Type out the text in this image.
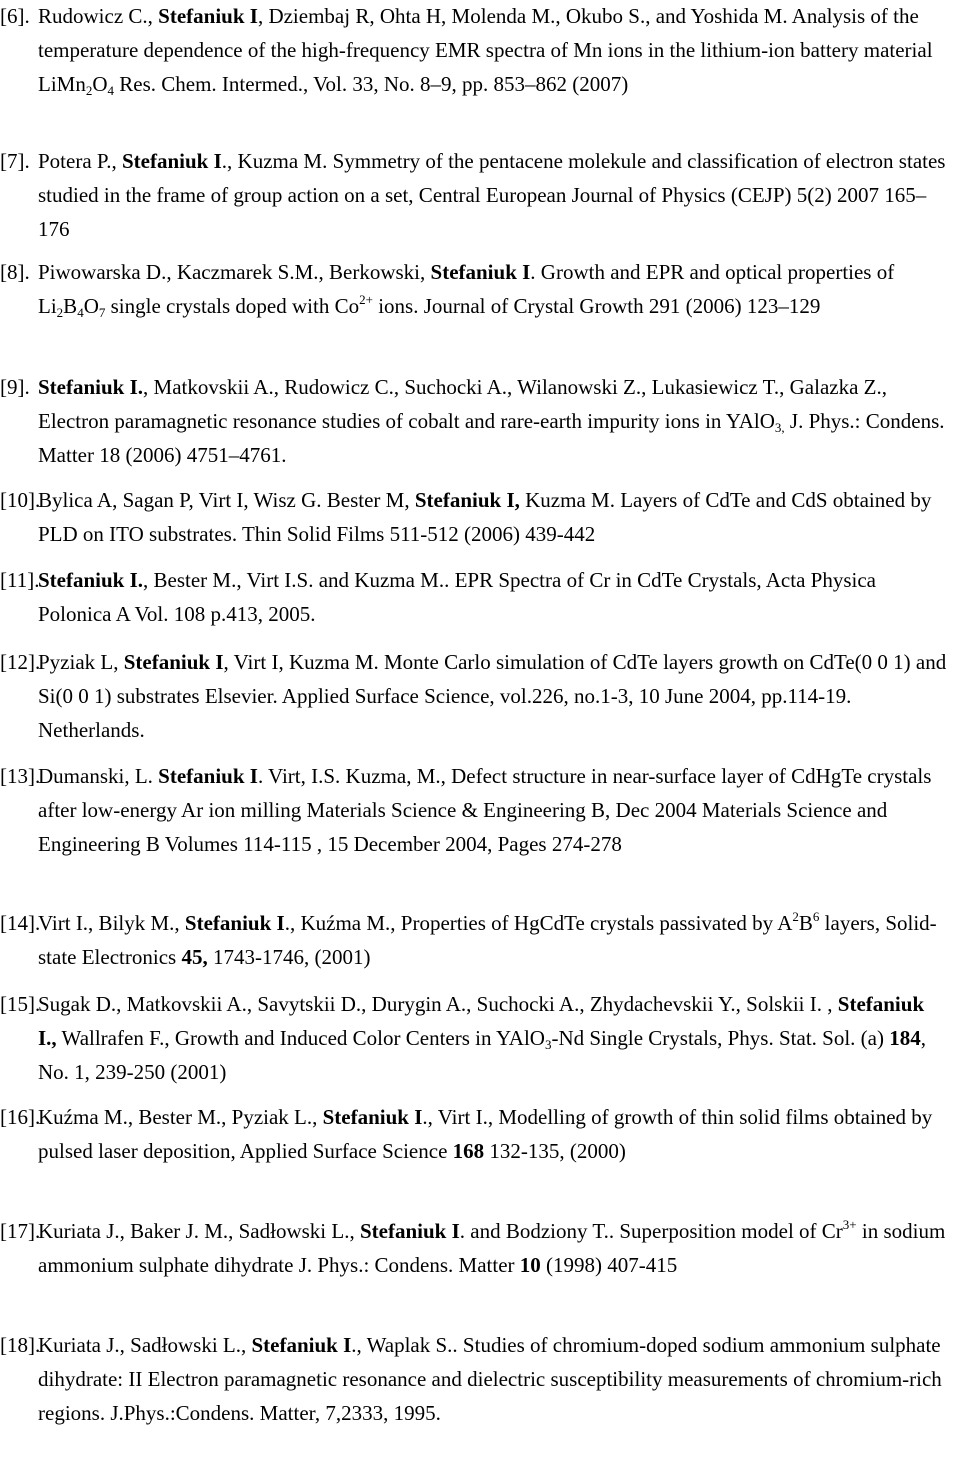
[6]. Rudowicz C., Stefaniuk I, Dziembaj R, Ohta H, Molenda M., Okubo S., and Yoshida M. Analysis of the temperature dependence of the high-frequency EMR spectra of Mn ions in the lithium-ion battery material $LiMn_2O_4$ Res. Chem. Intermed., Vol. 33, No. 8–9, pp. 853–862 (2007)
[7]. Potera P., Stefaniuk I., Kuzma M. Symmetry of the pentacene molekule and classification of electron states studied in the frame of group action on a set, Central European Journal of Physics (CEJP) 5(2) 2007 165–176
[8]. Piwowarska D., Kaczmarek S.M., Berkowski, Stefaniuk I. Growth and EPR and optical properties of $Li_2B_4O_7$ single crystals doped with $Co^{2+}$ ions. Journal of Crystal Growth 291 (2006) 123–129
[9]. Stefaniuk I., Matkovskii A., Rudowicz C., Suchocki A., Wilanowski Z., Lukasiewicz T., Galazka Z., Electron paramagnetic resonance studies of cobalt and rare-earth impurity ions in YAlO$_{3,}$ J. Phys.: Condens. Matter 18 (2006) 4751–4761.
[10].
Bylica A, Sagan P, Virt I, Wisz G. Bester M, Stefaniuk I, Kuzma M. Layers of CdTe and CdS obtained by PLD on ITO substrates. Thin Solid Films 511-512 (2006) 439-442
[11].
Stefaniuk I., Bester M., Virt I.S. and Kuzma M.. EPR Spectra of Cr in CdTe Crystals, Acta Physica Polonica A Vol. 108 p.413, 2005.
[12].
Pyziak L, Stefaniuk I, Virt I, Kuzma M. Monte Carlo simulation of CdTe layers growth on CdTe(0 0 1) and Si(0 0 1) substrates Elsevier. Applied Surface Science, vol.226, no.1-3, 10 June 2004, pp.114-19. Netherlands.
[13].
Dumanski, L. Stefaniuk I. Virt, I.S. Kuzma, M., Defect structure in near-surface layer of CdHgTe crystals after low-energy Ar ion milling Materials Science & Engineering B, Dec 2004 Materials Science and Engineering B Volumes 114-115 , 15 December 2004, Pages 274-278
[14].
Virt I., Bilyk M., Stefaniuk I., Kuźma M., Properties of HgCdTe crystals passivated by $A^2B^6$ layers, Solid-state Electronics 45, 1743-1746, (2001)
[15].
Sugak D., Matkovskii A., Savytskii D., Durygin A., Suchocki A., Zhydachevskii Y., Solskii I. , Stefaniuk I., Wallrafen F., Growth and Induced Color Centers in YAlO$_3$-Nd Single Crystals, Phys. Stat. Sol. (a) 184, No. 1, 239-250 (2001)
[16].
Kuźma M., Bester M., Pyziak L., Stefaniuk I., Virt I., Modelling of growth of thin solid films obtained by pulsed laser deposition, Applied Surface Science 168 132-135, (2000)
[17].
Kuriata J., Baker J. M., Sadłowski L., Stefaniuk I. and Bodziony T.. Superposition model of $Cr^{3+}$ in sodium ammonium sulphate dihydrate J. Phys.: Condens. Matter 10 (1998) 407-415
[18].
Kuriata J., Sadłowski L., Stefaniuk I., Waplak S.. Studies of chromium-doped sodium ammonium sulphate dihydrate: II Electron paramagnetic resonance and dielectric susceptibility measurements of chromium-rich regions. J.Phys.:Condens. Matter, 7,2333, 1995.
